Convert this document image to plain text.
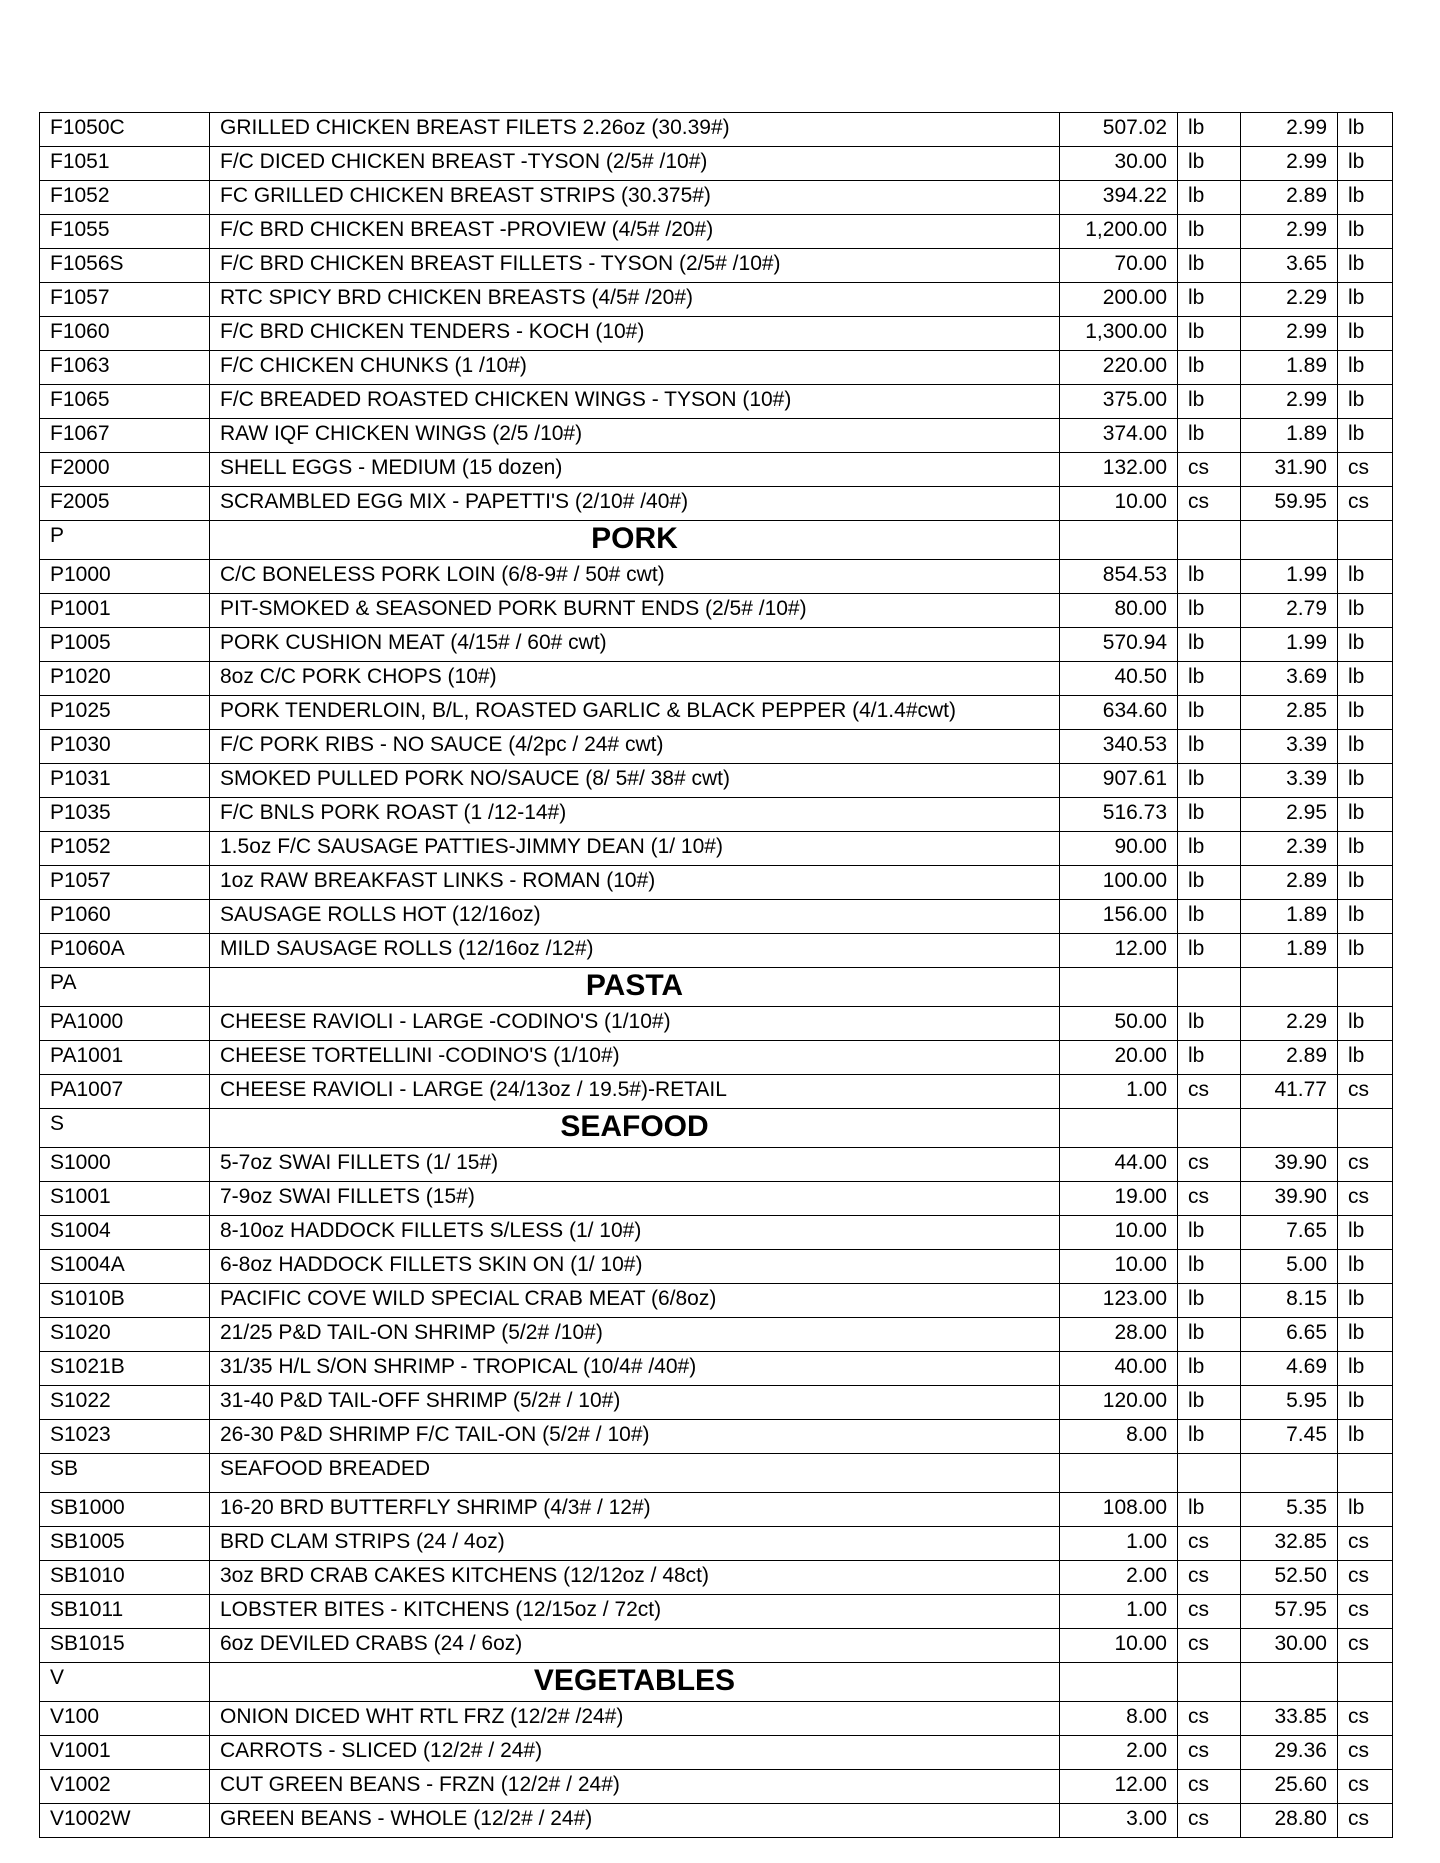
F1050C	GRILLED CHICKEN BREAST FILETS 2.26oz (30.39#)	507.02	lb	2.99	lb
F1051	F/C DICED CHICKEN BREAST -TYSON (2/5# /10#)	30.00	lb	2.99	lb
F1052	FC GRILLED CHICKEN BREAST STRIPS (30.375#)	394.22	lb	2.89	lb
F1055	F/C BRD CHICKEN BREAST -PROVIEW (4/5# /20#)	1,200.00	lb	2.99	lb
F1056S	F/C BRD CHICKEN BREAST FILLETS - TYSON (2/5# /10#)	70.00	lb	3.65	lb
F1057	RTC SPICY BRD CHICKEN BREASTS (4/5# /20#)	200.00	lb	2.29	lb
F1060	F/C BRD CHICKEN TENDERS - KOCH (10#)	1,300.00	lb	2.99	lb
F1063	F/C CHICKEN CHUNKS (1 /10#)	220.00	lb	1.89	lb
F1065	F/C BREADED ROASTED CHICKEN WINGS - TYSON (10#)	375.00	lb	2.99	lb
F1067	RAW IQF CHICKEN WINGS (2/5 /10#)	374.00	lb	1.89	lb
F2000	SHELL EGGS - MEDIUM (15 dozen)	132.00	cs	31.90	cs
F2005	SCRAMBLED EGG MIX - PAPETTI'S (2/10# /40#)	10.00	cs	59.95	cs
P	PORK				
P1000	C/C BONELESS PORK LOIN (6/8-9# / 50# cwt)	854.53	lb	1.99	lb
P1001	PIT-SMOKED & SEASONED PORK BURNT ENDS (2/5# /10#)	80.00	lb	2.79	lb
P1005	PORK CUSHION MEAT (4/15# / 60# cwt)	570.94	lb	1.99	lb
P1020	8oz C/C PORK CHOPS (10#)	40.50	lb	3.69	lb
P1025	PORK TENDERLOIN, B/L, ROASTED GARLIC & BLACK PEPPER (4/1.4#cwt)	634.60	lb	2.85	lb
P1030	F/C PORK RIBS - NO SAUCE (4/2pc / 24# cwt)	340.53	lb	3.39	lb
P1031	SMOKED PULLED PORK NO/SAUCE (8/ 5#/ 38# cwt)	907.61	lb	3.39	lb
P1035	F/C BNLS PORK ROAST (1 /12-14#)	516.73	lb	2.95	lb
P1052	1.5oz F/C SAUSAGE PATTIES-JIMMY DEAN (1/ 10#)	90.00	lb	2.39	lb
P1057	1oz RAW BREAKFAST LINKS - ROMAN (10#)	100.00	lb	2.89	lb
P1060	SAUSAGE ROLLS HOT (12/16oz)	156.00	lb	1.89	lb
P1060A	MILD SAUSAGE ROLLS (12/16oz /12#)	12.00	lb	1.89	lb
PA	PASTA				
PA1000	CHEESE RAVIOLI - LARGE -CODINO'S (1/10#)	50.00	lb	2.29	lb
PA1001	CHEESE TORTELLINI -CODINO'S (1/10#)	20.00	lb	2.89	lb
PA1007	CHEESE RAVIOLI - LARGE (24/13oz / 19.5#)-RETAIL	1.00	cs	41.77	cs
S	SEAFOOD				
S1000	5-7oz SWAI FILLETS (1/ 15#)	44.00	cs	39.90	cs
S1001	7-9oz SWAI FILLETS (15#)	19.00	cs	39.90	cs
S1004	8-10oz HADDOCK FILLETS S/LESS (1/ 10#)	10.00	lb	7.65	lb
S1004A	6-8oz HADDOCK FILLETS SKIN ON (1/ 10#)	10.00	lb	5.00	lb
S1010B	PACIFIC COVE WILD SPECIAL CRAB MEAT (6/8oz)	123.00	lb	8.15	lb
S1020	21/25 P&D TAIL-ON SHRIMP (5/2# /10#)	28.00	lb	6.65	lb
S1021B	31/35 H/L S/ON SHRIMP - TROPICAL (10/4# /40#)	40.00	lb	4.69	lb
S1022	31-40 P&D TAIL-OFF SHRIMP (5/2# / 10#)	120.00	lb	5.95	lb
S1023	26-30 P&D SHRIMP F/C TAIL-ON (5/2# / 10#)	8.00	lb	7.45	lb
SB	SEAFOOD BREADED				
SB1000	16-20 BRD BUTTERFLY SHRIMP (4/3# / 12#)	108.00	lb	5.35	lb
SB1005	BRD CLAM STRIPS (24 / 4oz)	1.00	cs	32.85	cs
SB1010	3oz BRD CRAB CAKES KITCHENS (12/12oz / 48ct)	2.00	cs	52.50	cs
SB1011	LOBSTER BITES - KITCHENS (12/15oz / 72ct)	1.00	cs	57.95	cs
SB1015	6oz DEVILED CRABS (24 / 6oz)	10.00	cs	30.00	cs
V	VEGETABLES				
V100	ONION DICED WHT RTL FRZ (12/2# /24#)	8.00	cs	33.85	cs
V1001	CARROTS - SLICED (12/2# / 24#)	2.00	cs	29.36	cs
V1002	CUT GREEN BEANS - FRZN (12/2# / 24#)	12.00	cs	25.60	cs
V1002W	GREEN BEANS - WHOLE (12/2# / 24#)	3.00	cs	28.80	cs
